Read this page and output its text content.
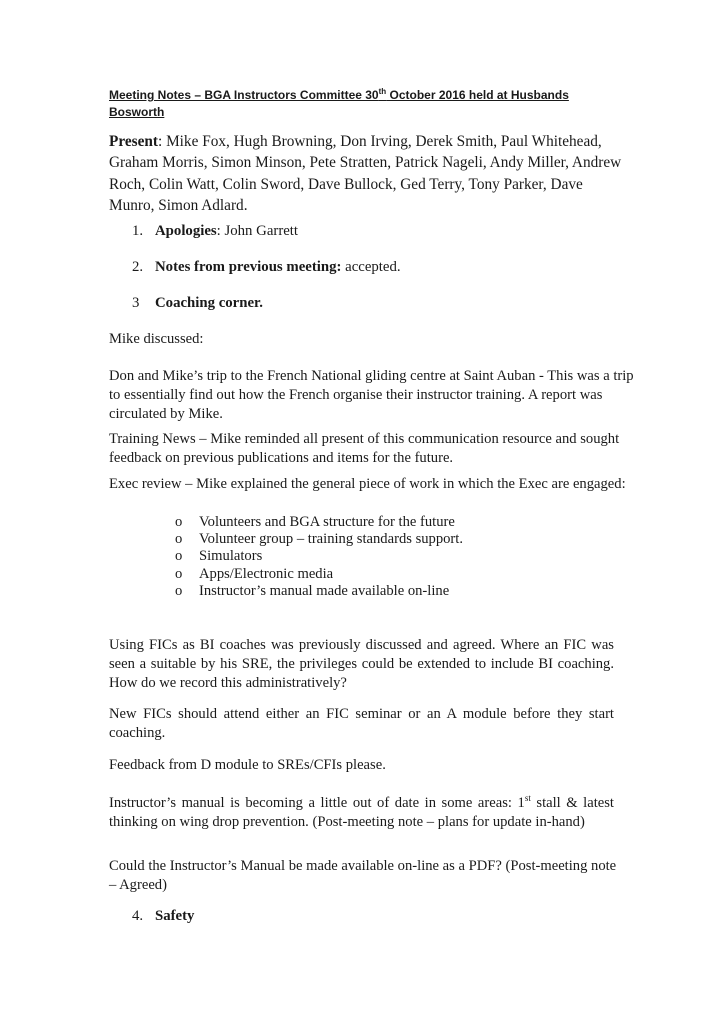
Meeting Notes – BGA Instructors Committee 30th October 2016 held at Husbands Bosworth

Present: Mike Fox, Hugh Browning, Don Irving, Derek Smith, Paul Whitehead, Graham Morris, Simon Minson, Pete Stratten, Patrick Nageli, Andy Miller, Andrew Roch, Colin Watt, Colin Sword, Dave Bullock, Ged Terry, Tony Parker, Dave Munro, Simon Adlard.

1. Apologies: John Garrett
2. Notes from previous meeting: accepted.
3 Coaching corner.

Mike discussed:

Don and Mike’s trip to the French National gliding centre at Saint Auban - This was a trip to essentially find out how the French organise their instructor training. A report was circulated by Mike.

Training News – Mike reminded all present of this communication resource and sought feedback on previous publications and items for the future.

Exec review – Mike explained the general piece of work in which the Exec are engaged:

o Volunteers and BGA structure for the future
o Volunteer group – training standards support.
o Simulators
o Apps/Electronic media
o Instructor’s manual made available on-line

Using FICs as BI coaches was previously discussed and agreed. Where an FIC was seen a suitable by his SRE, the privileges could be extended to include BI coaching. How do we record this administratively?

New FICs should attend either an FIC seminar or an A module before they start coaching.

Feedback from D module to SREs/CFIs please.

Instructor’s manual is becoming a little out of date in some areas: 1st stall & latest thinking on wing drop prevention. (Post-meeting note – plans for update in-hand)

Could the Instructor’s Manual be made available on-line as a PDF? (Post-meeting note – Agreed)

4. Safety
